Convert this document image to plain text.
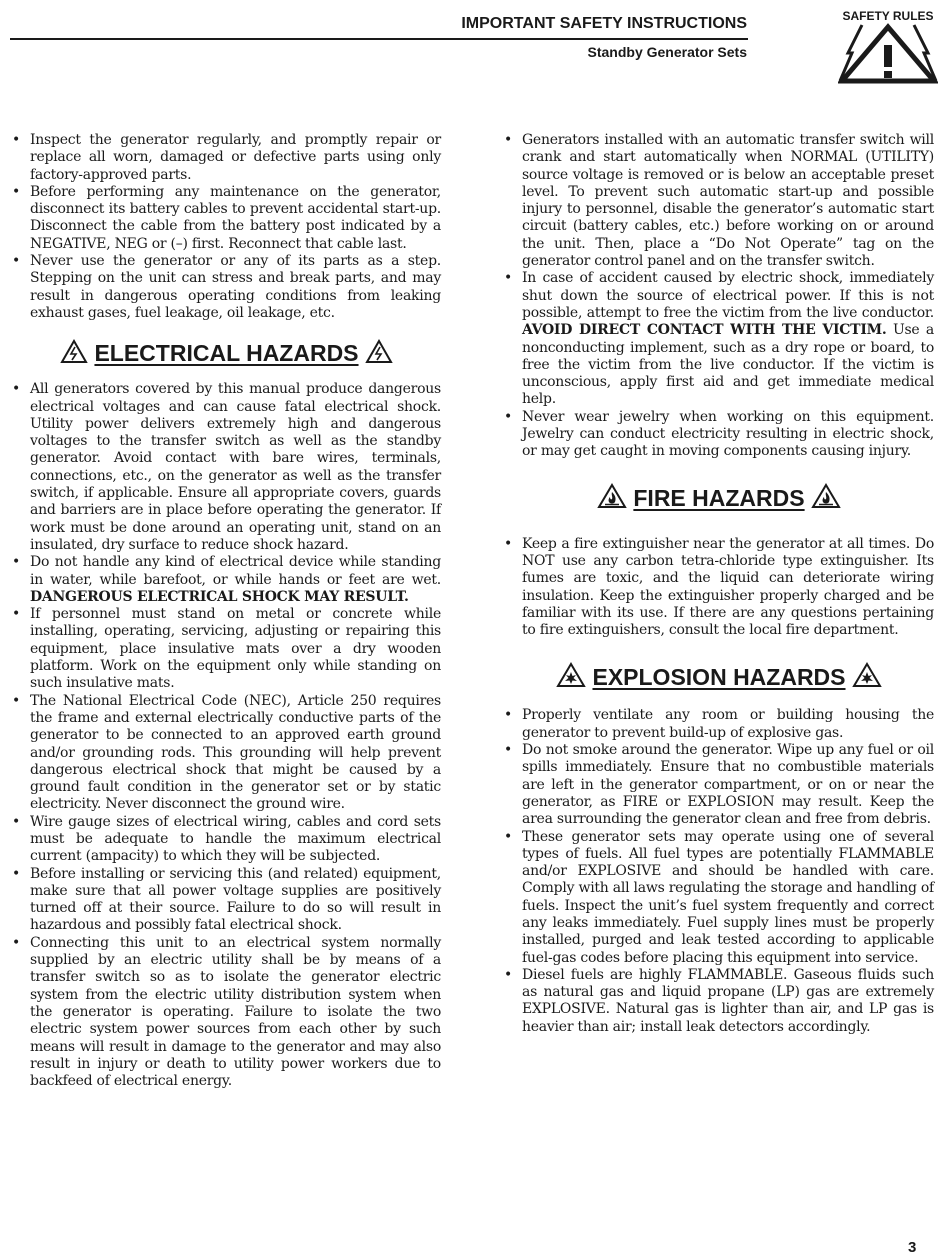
IMPORTANT SAFETY INSTRUCTIONS
Standby Generator Sets
SAFETY RULES
• Inspect the generator regularly, and promptly repair or replace all worn, damaged or defective parts using only factory-approved parts.
• Before performing any maintenance on the generator, disconnect its battery cables to prevent accidental start-up. Disconnect the cable from the battery post indicated by a NEGATIVE, NEG or (–) first. Reconnect that cable last.
• Never use the generator or any of its parts as a step. Stepping on the unit can stress and break parts, and may result in dangerous operating conditions from leaking exhaust gases, fuel leakage, oil leakage, etc.
ELECTRICAL HAZARDS
• All generators covered by this manual produce dangerous electrical voltages and can cause fatal electrical shock. Utility power delivers extremely high and dangerous voltages to the transfer switch as well as the standby generator. Avoid contact with bare wires, terminals, connections, etc., on the generator as well as the transfer switch, if applicable. Ensure all appropriate covers, guards and barriers are in place before operating the generator. If work must be done around an operating unit, stand on an insulated, dry surface to reduce shock hazard.
• Do not handle any kind of electrical device while standing in water, while barefoot, or while hands or feet are wet. DANGEROUS ELECTRICAL SHOCK MAY RESULT.
• If personnel must stand on metal or concrete while installing, operating, servicing, adjusting or repairing this equipment, place insulative mats over a dry wooden platform. Work on the equipment only while standing on such insulative mats.
• The National Electrical Code (NEC), Article 250 requires the frame and external electrically conductive parts of the generator to be connected to an approved earth ground and/or grounding rods. This grounding will help prevent dangerous electrical shock that might be caused by a ground fault condition in the generator set or by static electricity. Never disconnect the ground wire.
• Wire gauge sizes of electrical wiring, cables and cord sets must be adequate to handle the maximum electrical current (ampacity) to which they will be subjected.
• Before installing or servicing this (and related) equipment, make sure that all power voltage supplies are positively turned off at their source. Failure to do so will result in hazardous and possibly fatal electrical shock.
• Connecting this unit to an electrical system normally supplied by an electric utility shall be by means of a transfer switch so as to isolate the generator electric system from the electric utility distribution system when the generator is operating. Failure to isolate the two electric system power sources from each other by such means will result in damage to the generator and may also result in injury or death to utility power workers due to backfeed of electrical energy.
• Generators installed with an automatic transfer switch will crank and start automatically when NORMAL (UTILITY) source voltage is removed or is below an acceptable preset level. To prevent such automatic start-up and possible injury to personnel, disable the generator’s automatic start circuit (battery cables, etc.) before working on or around the unit. Then, place a “Do Not Operate” tag on the generator control panel and on the transfer switch.
• In case of accident caused by electric shock, immediately shut down the source of electrical power. If this is not possible, attempt to free the victim from the live conductor. AVOID DIRECT CONTACT WITH THE VICTIM. Use a nonconducting implement, such as a dry rope or board, to free the victim from the live conductor. If the victim is unconscious, apply first aid and get immediate medical help.
• Never wear jewelry when working on this equipment. Jewelry can conduct electricity resulting in electric shock, or may get caught in moving components causing injury.
FIRE HAZARDS
• Keep a fire extinguisher near the generator at all times. Do NOT use any carbon tetra-chloride type extinguisher. Its fumes are toxic, and the liquid can deteriorate wiring insulation. Keep the extinguisher properly charged and be familiar with its use. If there are any questions pertaining to fire extinguishers, consult the local fire department.
EXPLOSION HAZARDS
• Properly ventilate any room or building housing the generator to prevent build-up of explosive gas.
• Do not smoke around the generator. Wipe up any fuel or oil spills immediately. Ensure that no combustible materials are left in the generator compartment, or on or near the generator, as FIRE or EXPLOSION may result. Keep the area surrounding the generator clean and free from debris.
• These generator sets may operate using one of several types of fuels. All fuel types are potentially FLAMMABLE and/or EXPLOSIVE and should be handled with care. Comply with all laws regulating the storage and handling of fuels. Inspect the unit’s fuel system frequently and correct any leaks immediately. Fuel supply lines must be properly installed, purged and leak tested according to applicable fuel-gas codes before placing this equipment into service.
• Diesel fuels are highly FLAMMABLE. Gaseous fluids such as natural gas and liquid propane (LP) gas are extremely EXPLOSIVE. Natural gas is lighter than air, and LP gas is heavier than air; install leak detectors accordingly.
3
